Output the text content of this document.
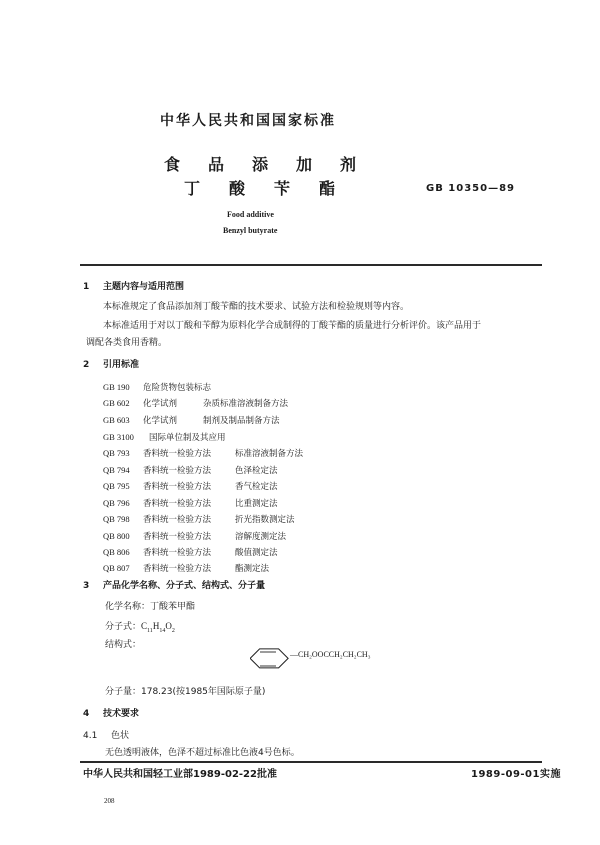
中华人民共和国国家标准
食 品 添 加 剂
丁 酸 苄 酯	GB 10350—89
Food additive
Benzyl butyrate
1 主题内容与适用范围
本标准规定了食品添加剂丁酸苄酯的技术要求、试验方法和检验规则等内容。
本标准适用于对以丁酸和苄醇为原料化学合成制得的丁酸苄酯的质量进行分析评价。该产品用于
调配各类食用香精。
2 引用标准
GB 190 危险货物包装标志
GB 602 化学试剂	杂质标准溶液制备方法
GB 603 化学试剂	制剂及制品制备方法
GB 3100 国际单位制及其应用
QB 793 香料统一检验方法	标准溶液制备方法
QB 794 香料统一检验方法	色泽检定法
QB 795 香料统一检验方法	香气检定法
QB 796 香料统一检验方法	比重测定法
QB 798 香料统一检验方法	折光指数测定法
QB 800 香料统一检验方法	溶解度测定法
QB 806 香料统一检验方法	酸值测定法
QB 807 香料统一检验方法	酯测定法
3 产品化学名称、分子式、结构式、分子量
化学名称：丁酸苯甲酯
分子式：$C_{11}H_{14}O_2$
结构式：
—CH₂OOCCH₂CH₂CH₃
分子量：178.23(按1985年国际原子量)
4 技术要求
4.1 色状
无色透明液体，色泽不超过标准比色液4号色标。
中华人民共和国轻工业部1989-02-22批准	1989-09-01实施
208
